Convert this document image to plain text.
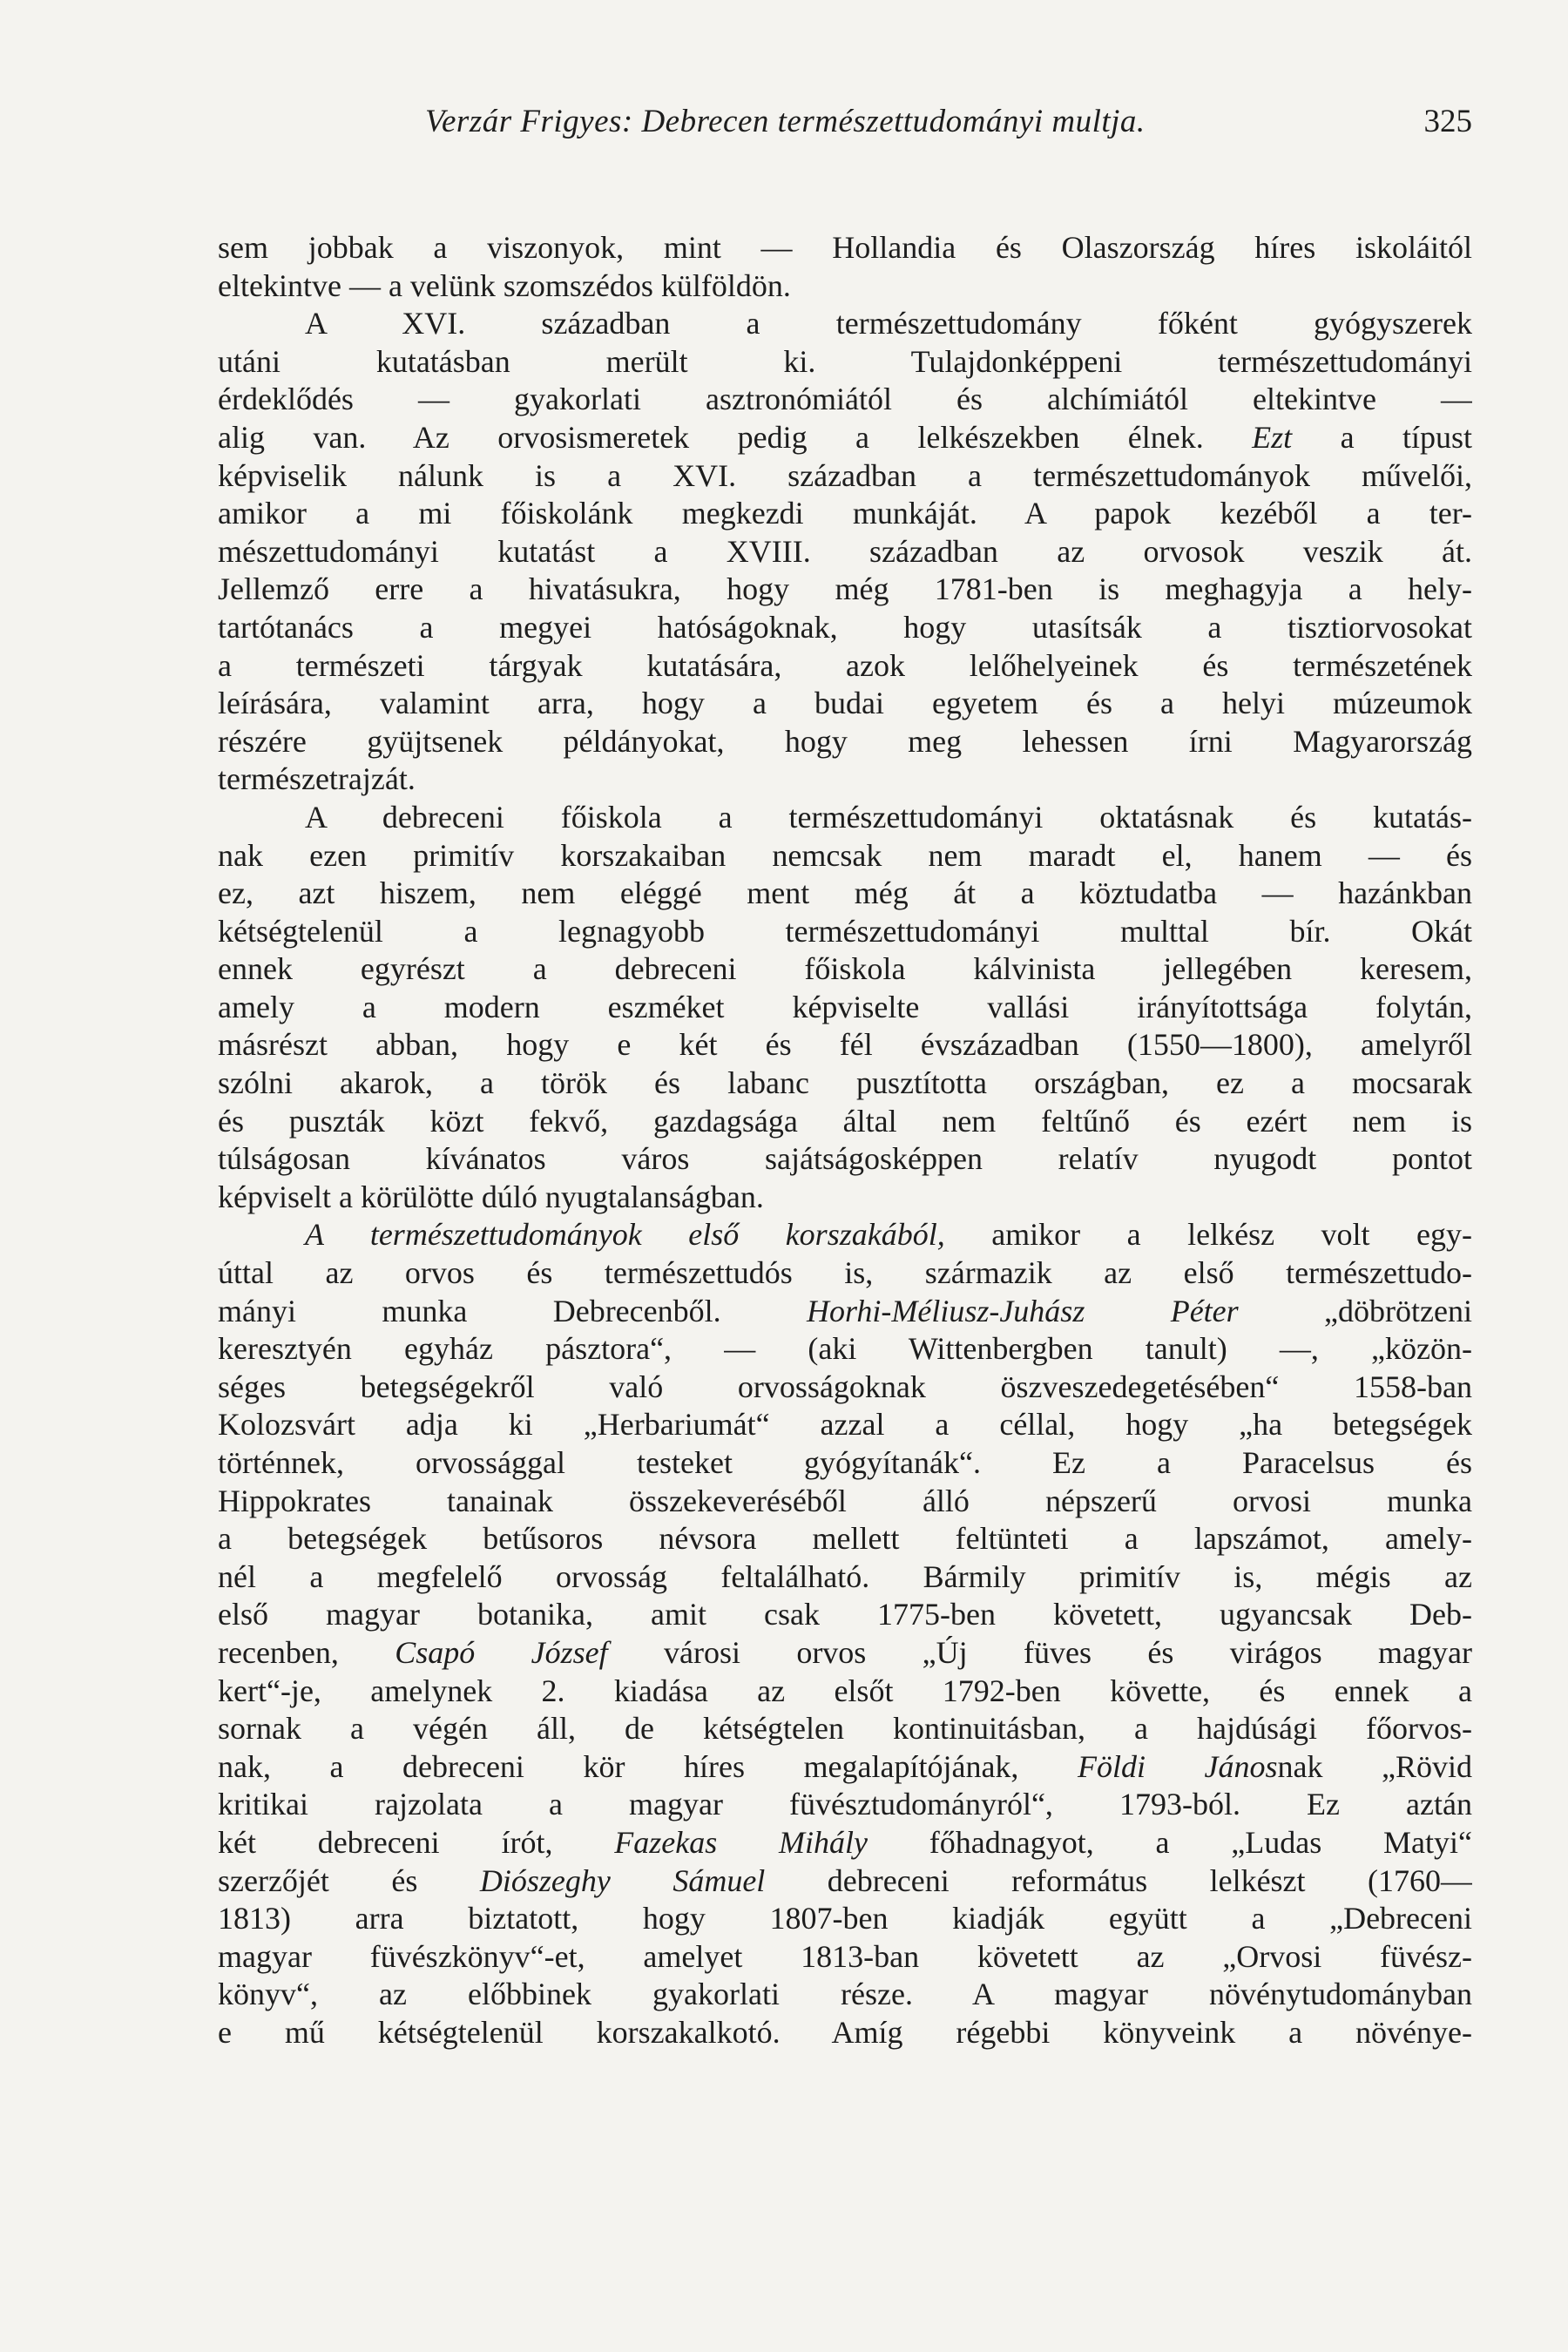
Verzár Frigyes: Debrecen természettudományi multja.	325
sem jobbak a viszonyok, mint — Hollandia és Olaszország híres iskoláitól
eltekintve — a velünk szomszédos külföldön.
A XVI. században a természettudomány főként gyógyszerek
utáni kutatásban merült ki. Tulajdonképpeni természettudományi
érdeklődés — gyakorlati asztronómiától és alchímiától eltekintve —
alig van. Az orvosismeretek pedig a lelkészekben élnek. Ezt a típust
képviselik nálunk is a XVI. században a természettudományok művelői,
amikor a mi főiskolánk megkezdi munkáját. A papok kezéből a ter-
mészettudományi kutatást a XVIII. században az orvosok veszik át.
Jellemző erre a hivatásukra, hogy még 1781-ben is meghagyja a hely-
tartótanács a megyei hatóságoknak, hogy utasítsák a tisztiorvosokat
a természeti tárgyak kutatására, azok lelőhelyeinek és természetének
leírására, valamint arra, hogy a budai egyetem és a helyi múzeumok
részére gyüjtsenek példányokat, hogy meg lehessen írni Magyarország
természetrajzát.
A debreceni főiskola a természettudományi oktatásnak és kutatás-
nak ezen primitív korszakaiban nemcsak nem maradt el, hanem — és
ez, azt hiszem, nem eléggé ment még át a köztudatba — hazánkban
kétségtelenül a legnagyobb természettudományi multtal bír. Okát
ennek egyrészt a debreceni főiskola kálvinista jellegében keresem,
amely a modern eszméket képviselte vallási irányítottsága folytán,
másrészt abban, hogy e két és fél évszázadban (1550—1800), amelyről
szólni akarok, a török és labanc pusztította országban, ez a mocsarak
és puszták közt fekvő, gazdagsága által nem feltűnő és ezért nem is
túlságosan kívánatos város sajátságosképpen relatív nyugodt pontot
képviselt a körülötte dúló nyugtalanságban.
A természettudományok első korszakából, amikor a lelkész volt egy-
úttal az orvos és természettudós is, származik az első természettudo-
mányi munka Debrecenből. Horhi-Méliusz-Juhász Péter „döbrötzeni
keresztyén egyház pásztora“, — (aki Wittenbergben tanult) —, „közön-
séges betegségekről való orvosságoknak öszveszedegetésében“ 1558-ban
Kolozsvárt adja ki „Herbariumát“ azzal a céllal, hogy „ha betegségek
történnek, orvossággal testeket gyógyítanák“. Ez a Paracelsus és
Hippokrates tanainak összekeveréséből álló népszerű orvosi munka
a betegségek betűsoros névsora mellett feltünteti a lapszámot, amely-
nél a megfelelő orvosság feltalálható. Bármily primitív is, mégis az
első magyar botanika, amit csak 1775-ben követett, ugyancsak Deb-
recenben, Csapó József városi orvos „Új füves és virágos magyar
kert“-je, amelynek 2. kiadása az elsőt 1792-ben követte, és ennek a
sornak a végén áll, de kétségtelen kontinuitásban, a hajdúsági főorvos-
nak, a debreceni kör híres megalapítójának, Földi Jánosnak „Rövid
kritikai rajzolata a magyar füvésztudományról“, 1793-ból. Ez aztán
két debreceni írót, Fazekas Mihály főhadnagyot, a „Ludas Matyi“
szerzőjét és Diószeghy Sámuel debreceni református lelkészt (1760—
1813) arra biztatott, hogy 1807-ben kiadják együtt a „Debreceni
magyar füvészkönyv“-et, amelyet 1813-ban követett az „Orvosi füvész-
könyv“, az előbbinek gyakorlati része. A magyar növénytudományban
e mű kétségtelenül korszakalkotó. Amíg régebbi könyveink a növénye-
